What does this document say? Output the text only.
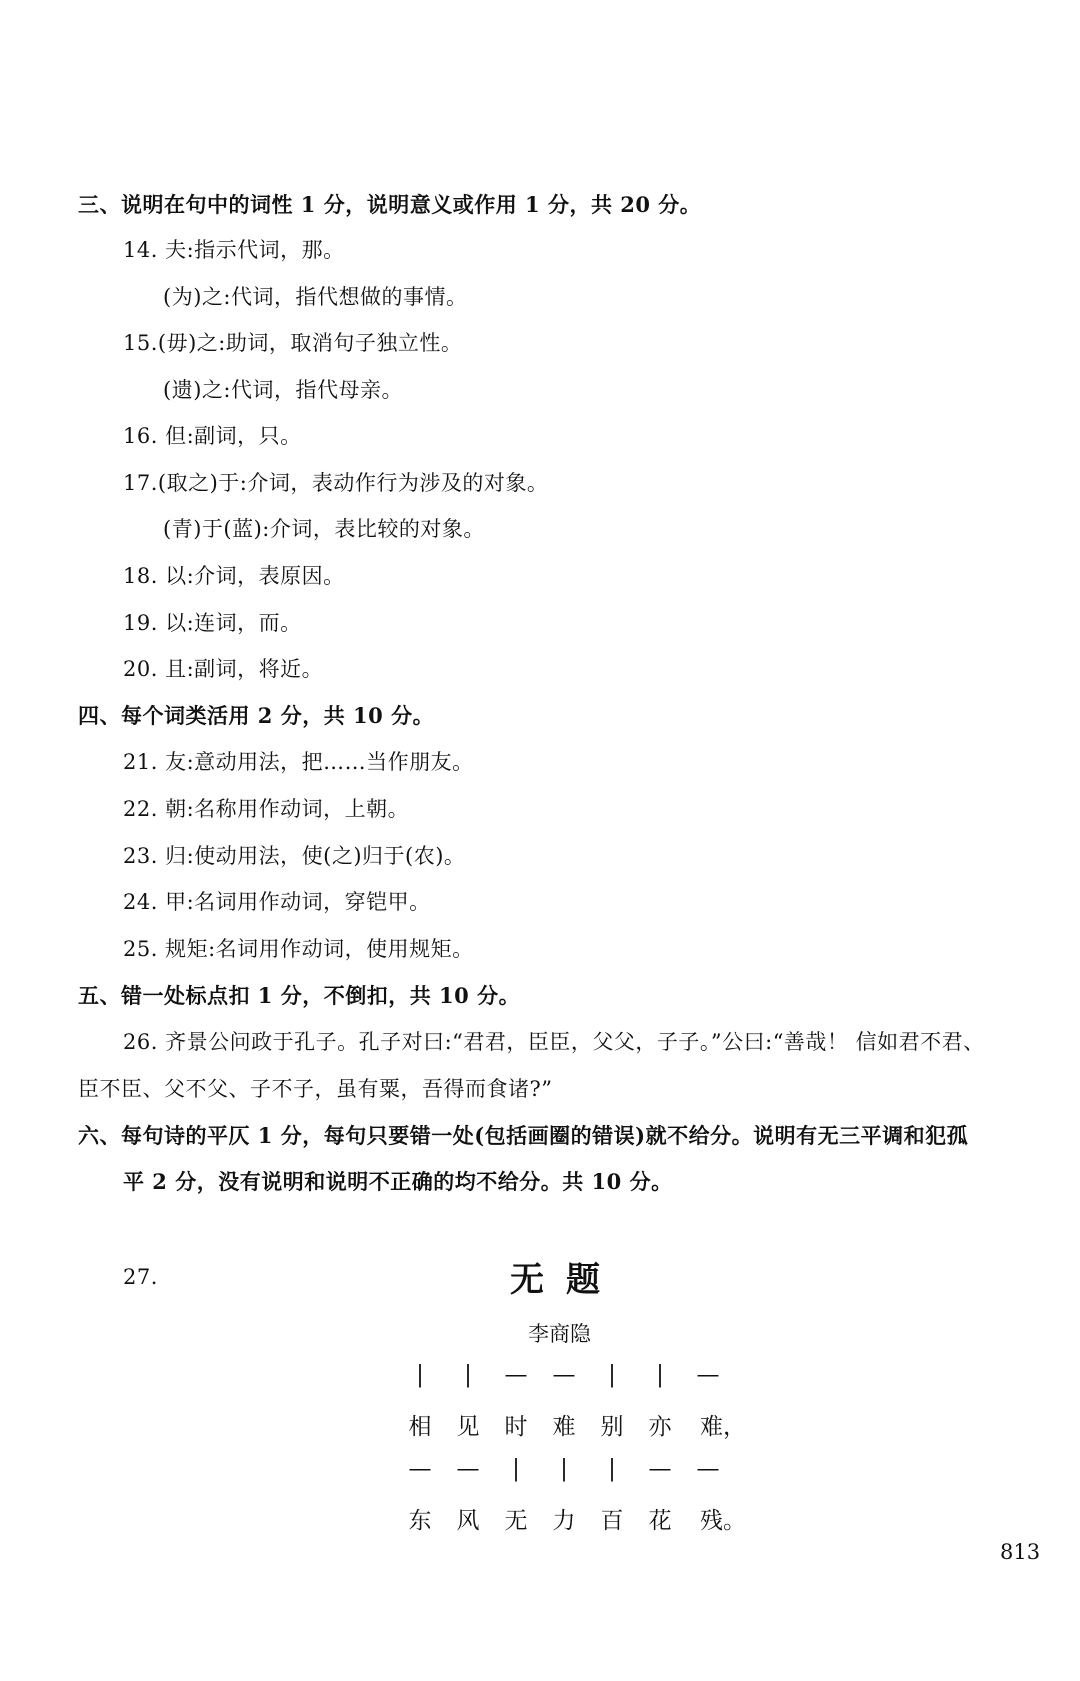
三、说明在句中的词性 1 分，说明意义或作用 1 分，共 20 分。
14. 夫:指示代词，那。
(为)之:代词，指代想做的事情。
15.(毋)之:助词，取消句子独立性。
(遗)之:代词，指代母亲。
16. 但:副词，只。
17.(取之)于:介词，表动作行为涉及的对象。
(青)于(蓝):介词，表比较的对象。
18. 以:介词，表原因。
19. 以:连词，而。
20. 且:副词，将近。
四、每个词类活用 2 分，共 10 分。
21. 友:意动用法，把……当作朋友。
22. 朝:名称用作动词，上朝。
23. 归:使动用法，使(之)归于(农)。
24. 甲:名词用作动词，穿铠甲。
25. 规矩:名词用作动词，使用规矩。
五、错一处标点扣 1 分，不倒扣，共 10 分。
26. 齐景公问政于孔子。孔子对曰:“君君，臣臣，父父，子子。”公曰:“善哉！ 信如君不君、
臣不臣、父不父、子不子，虽有粟，吾得而食诸?”
六、每句诗的平仄 1 分，每句只要错一处(包括画圈的错误)就不给分。说明有无三平调和犯孤
平 2 分，没有说明和说明不正确的均不给分。共 10 分。
27.	无题
李商隐
|	|	—	—	|	|	—
相	见	时	难	别	亦	难，
—	—	|	|	|	—	—
东	风	无	力	百	花	残。
813
